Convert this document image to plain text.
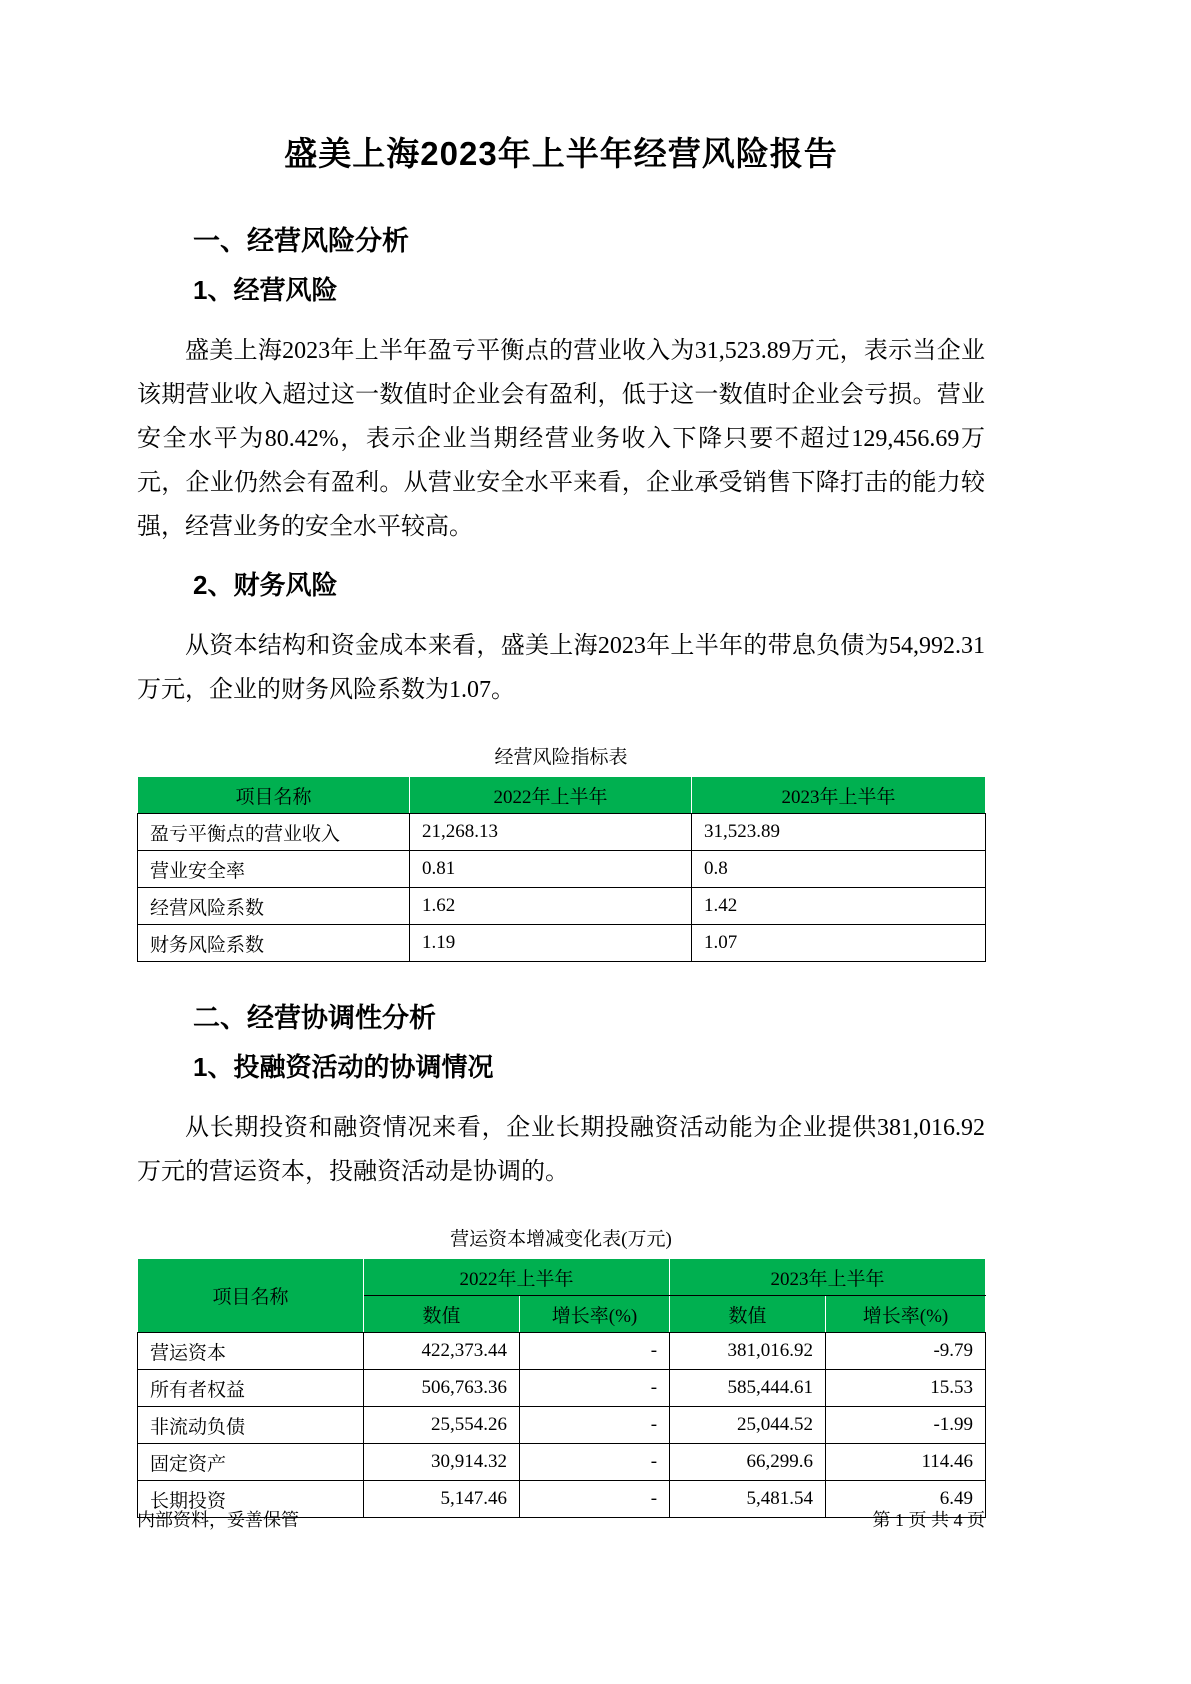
盛美上海2023年上半年经营风险报告
一、经营风险分析
1、经营风险

盛美上海2023年上半年盈亏平衡点的营业收入为31,523.89万元，表示当企业该期营业收入超过这一数值时企业会有盈利，低于这一数值时企业会亏损。营业安全水平为80.42%，表示企业当期经营业务收入下降只要不超过129,456.69万元，企业仍然会有盈利。从营业安全水平来看，企业承受销售下降打击的能力较强，经营业务的安全水平较高。

2、财务风险

从资本结构和资金成本来看，盛美上海2023年上半年的带息负债为54,992.31万元，企业的财务风险系数为1.07。

经营风险指标表
项目名称	2022年上半年	2023年上半年
盈亏平衡点的营业收入	21,268.13	31,523.89
营业安全率	0.81	0.8
经营风险系数	1.62	1.42
财务风险系数	1.19	1.07
二、经营协调性分析
1、投融资活动的协调情况

从长期投资和融资情况来看，企业长期投融资活动能为企业提供381,016.92万元的营运资本，投融资活动是协调的。

营运资本增减变化表(万元)
项目名称	2022年上半年		2023年上半年	
	数值	增长率(%)	数值	增长率(%)
营运资本	422,373.44	-	381,016.92	-9.79
所有者权益	506,763.36	-	585,444.61	15.53
非流动负债	25,554.26	-	25,044.52	-1.99
固定资产	30,914.32	-	66,299.6	114.46
长期投资	5,147.46	-	5,481.54	6.49
内部资料，妥善保管	第 1 页 共 4 页
